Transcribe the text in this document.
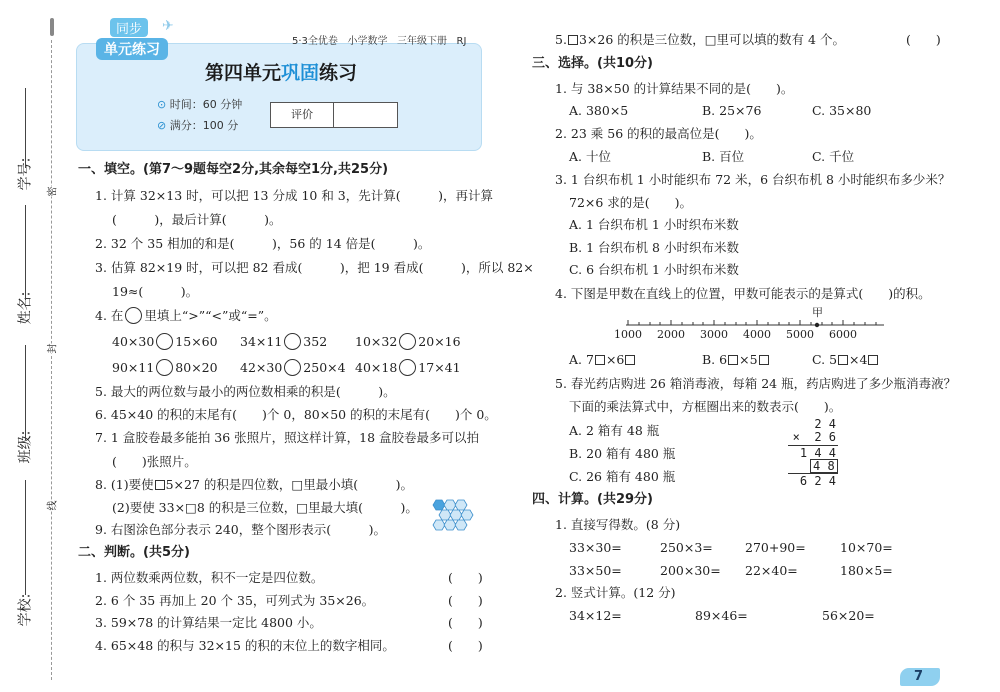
密
封
线
学号:
姓名:
班级:
学校:
5·3全优卷 小学数学 三年级下册 RJ
同步
单元练习
✈
第四单元巩固练习
⊙ 时间：60 分钟
⊘ 满分：100 分
评价
一、填空。(第7～9题每空2分,其余每空1分,共25分)
1. 计算 32×13 时，可以把 13 分成 10 和 3，先计算(　　　)，再计算
(　　　)，最后计算(　　　)。
2. 32 个 35 相加的和是(　　　)，56 的 14 倍是(　　　)。
3. 估算 82×19 时，可以把 82 看成(　　　)，把 19 看成(　　　)，所以 82×
19≈(　　　)。
4. 在 里填上“>”“<”或“=”。
40×30 15×60 34×11 352 10×32 20×16
90×11 80×20 42×30 250×4 40×18 17×41
5. 最大的两位数与最小的两位数相乘的积是(　　　)。
6. 45×40 的积的末尾有(　　)个 0，80×50 的积的末尾有(　　)个 0。
7. 1 盒胶卷最多能拍 36 张照片，照这样计算，18 盒胶卷最多可以拍
(　　)张照片。
8. (1)要使 5×27 的积是四位数，□里最小填(　　　)。
(2)要使 33×□8 的积是三位数，□里最大填(　　　)。
9. 右图涂色部分表示 240，整个图形表示(　　　)。
二、判断。(共5分)
1. 两位数乘两位数，积不一定是四位数。	(　　)
2. 6 个 35 再加上 20 个 35，可列式为 35×26。	(　　)
3. 59×78 的计算结果一定比 4800 小。	(　　)
4. 65×48 的积与 32×15 的积的末位上的数字相同。	(　　)
5. 3×26 的积是三位数，□里可以填的数有 4 个。	(　　)
三、选择。(共10分)
1. 与 38×50 的计算结果不同的是(　　)。
A. 380×5	B. 25×76	C. 35×80
2. 23 乘 56 的积的最高位是(　　)。
A. 十位	B. 百位	C. 千位
3. 1 台织布机 1 小时能织布 72 米，6 台织布机 8 小时能织布多少米？
72×6 求的是(　　)。
A. 1 台织布机 1 小时织布米数
B. 1 台织布机 8 小时织布米数
C. 6 台织布机 1 小时织布米数
4. 下图是甲数在直线上的位置，甲数可能表示的是算式(　　)的积。
甲
1000 2000 3000 4000 5000 6000
A. 7 ×6	B. 6 ×5	C. 5 ×4
5. 春光药店购进 26 箱消毒液，每箱 24 瓶，药店购进了多少瓶消毒液？
下面的乘法算式中，方框圈出来的数表示(　　)。
A. 2 箱有 48 瓶
B. 20 箱有 480 瓶
C. 26 箱有 480 瓶
2 4
×  2 6
1 4 4
4 8
6 2 4
四、计算。(共29分)
1. 直接写得数。(8 分)
33×30=	250×3=	270+90=	10×70=
33×50=	200×30= 22×40=	180×5=
2. 竖式计算。(12 分)
34×12=	89×46=	56×20=
7
